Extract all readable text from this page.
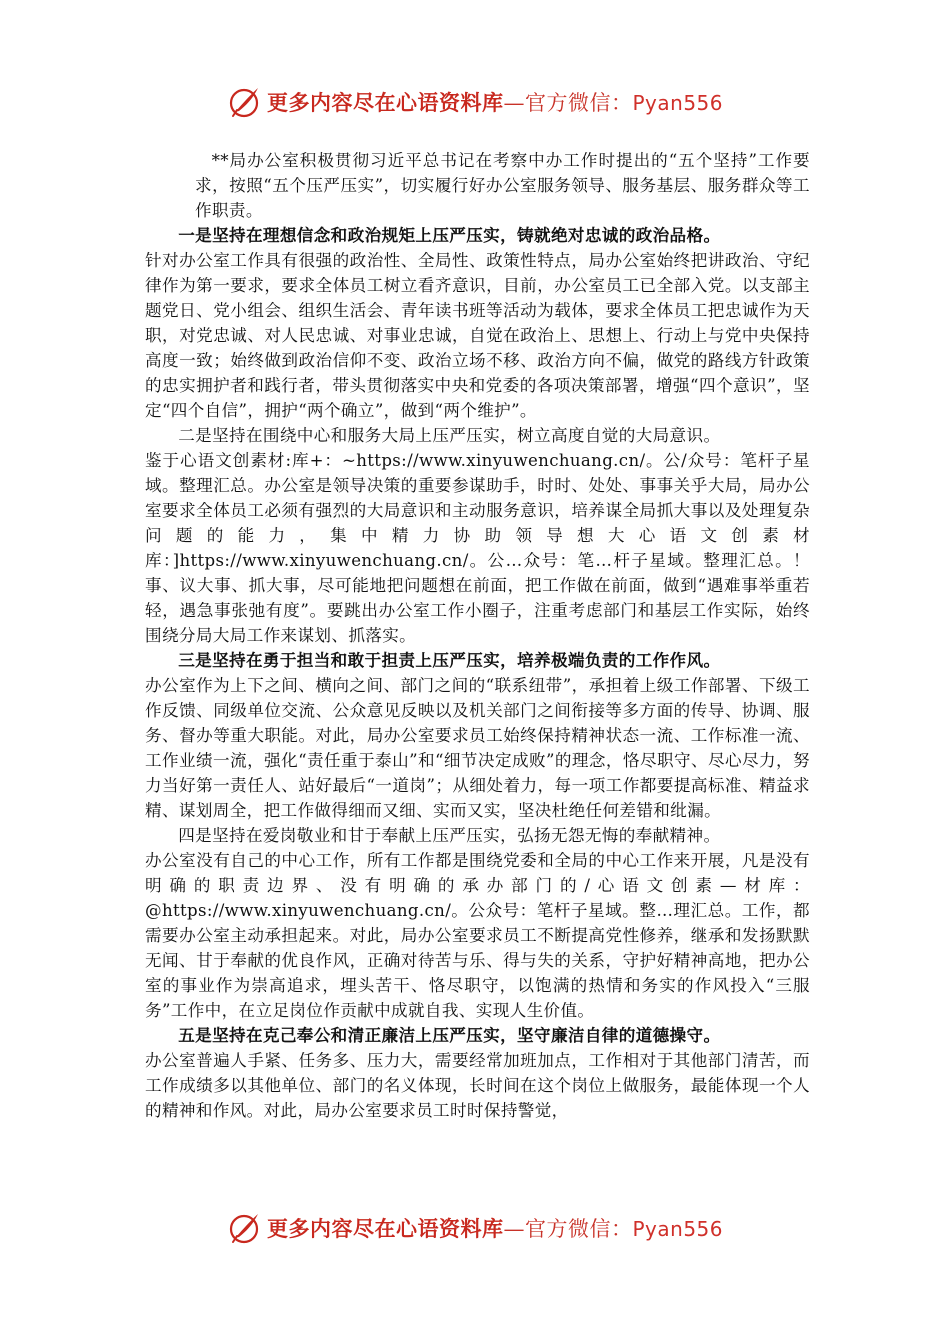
更多内容尽在心语资料库—官方微信：Pyan556

**局办公室积极贯彻习近平总书记在考察中办工作时提出的“五个坚持”工作要求，按照“五个压严压实”，切实履行好办公室服务领导、服务基层、服务群众等工作职责。

一是坚持在理想信念和政治规矩上压严压实，铸就绝对忠诚的政治品格。

针对办公室工作具有很强的政治性、全局性、政策性特点，局办公室始终把讲政治、守纪律作为第一要求，要求全体员工树立看齐意识，目前，办公室员工已全部入党。以支部主题党日、党小组会、组织生活会、青年读书班等活动为载体，要求全体员工把忠诚作为天职，对党忠诚、对人民忠诚、对事业忠诚，自觉在政治上、思想上、行动上与党中央保持高度一致；始终做到政治信仰不变、政治立场不移、政治方向不偏，做党的路线方针政策的忠实拥护者和践行者，带头贯彻落实中央和党委的各项决策部署，增强“四个意识”，坚定“四个自信”，拥护“两个确立”，做到“两个维护”。

二是坚持在围绕中心和服务大局上压严压实，树立高度自觉的大局意识。

鉴于心语文创素材:库+：~https://www.xinyuwenchuang.cn/。公/众号：笔杆子星域。整理汇总。办公室是领导决策的重要参谋助手，时时、处处、事事关乎大局，局办公室要求全体员工必须有强烈的大局意识和主动服务意识，培养谋全局抓大事以及处理复杂问题的能力，集中精力协助领导想大心语文创素材库：]https://www.xinyuwenchuang.cn/。公…众号：笔…杆子星域。整理汇总。！事、议大事、抓大事，尽可能地把问题想在前面，把工作做在前面，做到“遇难事举重若轻，遇急事张弛有度”。要跳出办公室工作小圈子，注重考虑部门和基层工作实际，始终围绕分局大局工作来谋划、抓落实。

三是坚持在勇于担当和敢于担责上压严压实，培养极端负责的工作作风。

办公室作为上下之间、横向之间、部门之间的“联系纽带”，承担着上级工作部署、下级工作反馈、同级单位交流、公众意见反映以及机关部门之间衔接等多方面的传导、协调、服务、督办等重大职能。对此，局办公室要求员工始终保持精神状态一流、工作标准一流、工作业绩一流，强化“责任重于泰山”和“细节决定成败”的理念，恪尽职守、尽心尽力，努力当好第一责任人、站好最后“一道岗”；从细处着力，每一项工作都要提高标准、精益求精、谋划周全，把工作做得细而又细、实而又实，坚决杜绝任何差错和纰漏。

四是坚持在爱岗敬业和甘于奉献上压严压实，弘扬无怨无悔的奉献精神。

办公室没有自己的中心工作，所有工作都是围绕党委和全局的中心工作来开展，凡是没有明确的职责边界、没有明确的承办部门的/心语文创素—材库：@https://www.xinyuwenchuang.cn/。公众号：笔杆子星域。整…理汇总。工作，都需要办公室主动承担起来。对此，局办公室要求员工不断提高党性修养，继承和发扬默默无闻、甘于奉献的优良作风，正确对待苦与乐、得与失的关系，守护好精神高地，把办公室的事业作为崇高追求，埋头苦干、恪尽职守，以饱满的热情和务实的作风投入“三服务”工作中，在立足岗位作贡献中成就自我、实现人生价值。

五是坚持在克己奉公和清正廉洁上压严压实，坚守廉洁自律的道德操守。

办公室普遍人手紧、任务多、压力大，需要经常加班加点，工作相对于其他部门清苦，而工作成绩多以其他单位、部门的名义体现，长时间在这个岗位上做服务，最能体现一个人的精神和作风。对此，局办公室要求员工时时保持警觉，

更多内容尽在心语资料库—官方微信：Pyan556
